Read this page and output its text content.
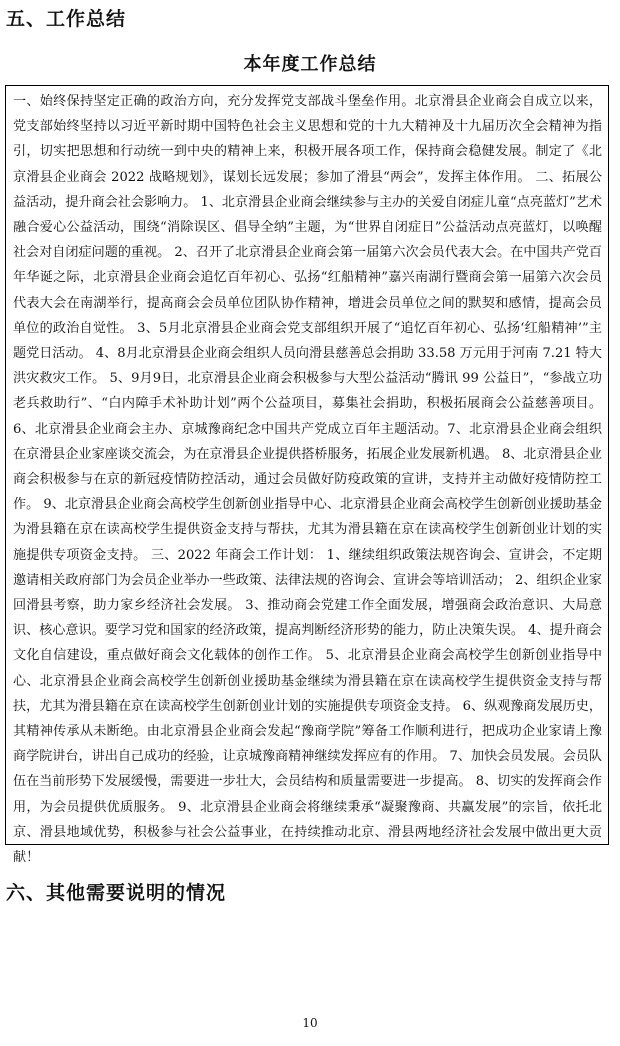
五、工作总结
本年度工作总结

一、始终保持坚定正确的政治方向，充分发挥党支部战斗堡垒作用。北京滑县企业商会自成立以来，党支部始终坚持以习近平新时期中国特色社会主义思想和党的十九大精神及十九届历次全会精神为指引，切实把思想和行动统一到中央的精神上来，积极开展各项工作，保持商会稳健发展。制定了《北京滑县企业商会 2022 战略规划》，谋划长远发展；参加了滑县“两会”，发挥主体作用。 二、拓展公益活动，提升商会社会影响力。 1、北京滑县企业商会继续参与主办的关爱自闭症儿童“点亮蓝灯”艺术融合爱心公益活动，围绕“消除误区、倡导全纳”主题，为“世界自闭症日”公益活动点亮蓝灯，以唤醒社会对自闭症问题的重视。 2、召开了北京滑县企业商会第一届第六次会员代表大会。在中国共产党百年华诞之际，北京滑县企业商会追忆百年初心、弘扬“红船精神”嘉兴南湖行暨商会第一届第六次会员代表大会在南湖举行，提高商会会员单位团队协作精神，增进会员单位之间的默契和感情，提高会员单位的政治自觉性。 3、5月北京滑县企业商会党支部组织开展了“追忆百年初心、弘扬‘红船精神’”主题党日活动。 4、8月北京滑县企业商会组织人员向滑县慈善总会捐助 33.58 万元用于河南 7.21 特大洪灾救灾工作。 5、9月9日，北京滑县企业商会积极参与大型公益活动“腾讯 99 公益日”，“参战立功老兵救助行”、“白内障手术补助计划”两个公益项目，募集社会捐助，积极拓展商会公益慈善项目。 6、北京滑县企业商会主办、京城豫商纪念中国共产党成立百年主题活动。7、北京滑县企业商会组织在京滑县企业家座谈交流会，为在京滑县企业提供搭桥服务，拓展企业发展新机遇。 8、北京滑县企业商会积极参与在京的新冠疫情防控活动，通过会员做好防疫政策的宣讲，支持并主动做好疫情防控工作。 9、北京滑县企业商会高校学生创新创业指导中心、北京滑县企业商会高校学生创新创业援助基金为滑县籍在京在读高校学生提供资金支持与帮扶，尤其为滑县籍在京在读高校学生创新创业计划的实施提供专项资金支持。 三、2022 年商会工作计划： 1、继续组织政策法规咨询会、宣讲会，不定期邀请相关政府部门为会员企业举办一些政策、法律法规的咨询会、宣讲会等培训活动； 2、组织企业家回滑县考察，助力家乡经济社会发展。 3、推动商会党建工作全面发展，增强商会政治意识、大局意识、核心意识。要学习党和国家的经济政策，提高判断经济形势的能力，防止决策失误。 4、提升商会文化自信建设，重点做好商会文化载体的创作工作。 5、北京滑县企业商会高校学生创新创业指导中心、北京滑县企业商会高校学生创新创业援助基金继续为滑县籍在京在读高校学生提供资金支持与帮扶，尤其为滑县籍在京在读高校学生创新创业计划的实施提供专项资金支持。 6、纵观豫商发展历史，其精神传承从未断绝。由北京滑县企业商会发起“豫商学院”筹备工作顺利进行，把成功企业家请上豫商学院讲台，讲出自己成功的经验，让京城豫商精神继续发挥应有的作用。 7、加快会员发展。会员队伍在当前形势下发展缓慢，需要进一步壮大，会员结构和质量需要进一步提高。 8、切实的发挥商会作用，为会员提供优质服务。 9、北京滑县企业商会将继续秉承“凝聚豫商、共赢发展”的宗旨，依托北京、滑县地域优势，积极参与社会公益事业，在持续推动北京、滑县两地经济社会发展中做出更大贡献！

六、其他需要说明的情况
10
